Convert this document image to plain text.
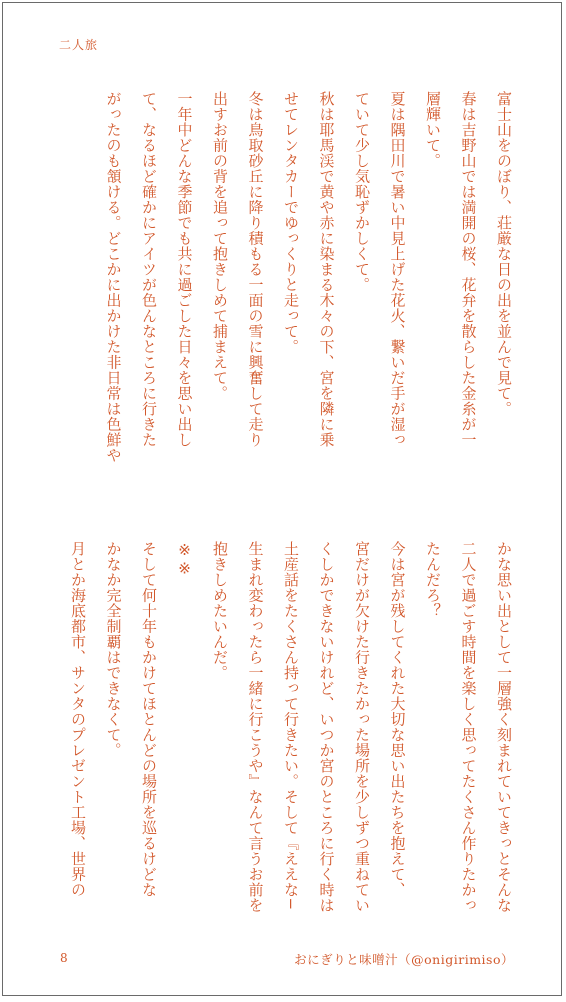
二人旅

富士山をのぼり、荘厳な日の出を並んで見て。

春は吉野山では満開の桜、花弁を散らした金糸が一

層輝いて。

夏は隅田川で暑い中見上げた花火、繋いだ手が湿っ

ていて少し気恥ずかしくて。

秋は耶馬渓で黄や赤に染まる木々の下、宮を隣に乗

せてレンタカーでゆっくりと走って。

冬は鳥取砂丘に降り積もる一面の雪に興奮して走り

出すお前の背を追って抱きしめて捕まえて。

一年中どんな季節でも共に過ごした日々を思い出し

て、なるほど確かにアイツが色んなところに行きた

がったのも頷ける。どこかに出かけた非日常は色鮮や

かな思い出として一層強く刻まれていてきっとそんな

二人で過ごす時間を楽しく思ってたくさん作りたかっ

たんだろ？

今は宮が残してくれた大切な思い出たちを抱えて、

宮だけが欠けた行きたかった場所を少しずつ重ねてい

くしかできないけれど、いつか宮のところに行く時は

土産話をたくさん持って行きたい。そして『ええな−

生まれ変わったら一緒に行こうや』なんて言うお前を

抱きしめたいんだ。

※※

そして何十年もかけてほとんどの場所を巡るけどな

かなか完全制覇はできなくて。

月とか海底都市、サンタのプレゼント工場、世界の

8	おにぎりと味噌汁（@onigirimiso）
